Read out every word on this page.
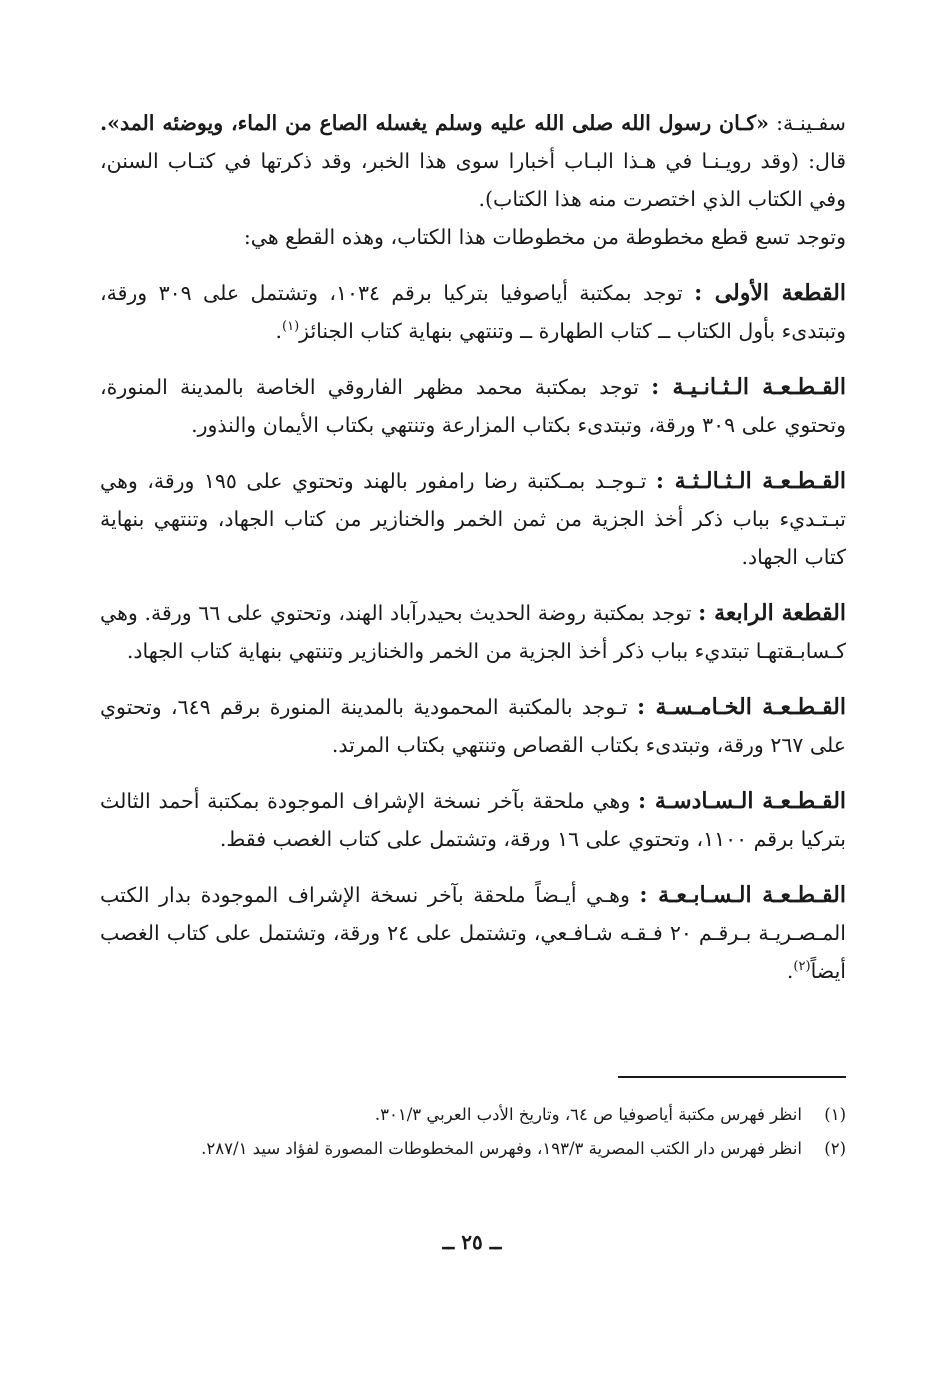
سفـينـة: «كـان رسول الله صلى الله عليه وسلم يغسله الصاع من الماء، ويوضئه المد». قال: (وقد رويـنـا في هـذا البـاب أخبارا سوى هذا الخبر، وقد ذكرتها في كتـاب السنن، وفي الكتاب الذي اختصرت منه هذا الكتاب).

وتوجد تسع قطع مخطوطة من مخطوطات هذا الكتاب، وهذه القطع هي:

القطعة الأولى : توجد بمكتبة أياصوفيا بتركيا برقم ١٠٣٤، وتشتمل على ٣٠٩ ورقة، وتبتدىء بأول الكتاب ــ كتاب الطهارة ــ وتنتهي بنهاية كتاب الجنائز$^{(١)}$.

القـطـعـة الـثـانـيـة : توجد بمكتبة محمد مظهر الفاروقي الخاصة بالمدينة المنورة، وتحتوي على ٣٠٩ ورقة، وتبتدىء بكتاب المزارعة وتنتهي بكتاب الأيمان والنذور.

القـطـعـة الـثـالـثـة : تـوجـد بمـكتبة رضا رامفور بالهند وتحتوي على ١٩٥ ورقة، وهي تبـتـديء بباب ذكر أخذ الجزية من ثمن الخمر والخنازير من كتاب الجهاد، وتنتهي بنهاية كتاب الجهاد.

القطعة الرابعة : توجد بمكتبة روضة الحديث بحيدرآباد الهند، وتحتوي على ٦٦ ورقة. وهي كـسابـقتهـا تبتديء بباب ذكر أخذ الجزية من الخمر والخنازير وتنتهي بنهاية كتاب الجهاد.

القـطـعـة الخـامـسـة : تـوجد بالمكتبة المحمودية بالمدينة المنورة برقم ٦٤٩، وتحتوي على ٢٦٧ ورقة، وتبتدىء بكتاب القصاص وتنتهي بكتاب المرتد.

القـطـعـة الـسـادسـة : وهي ملحقة بآخر نسخة الإشراف الموجودة بمكتبة أحمد الثالث بتركيا برقم ١١٠٠، وتحتوي على ١٦ ورقة، وتشتمل على كتاب الغصب فقط.

القـطـعـة الـسـابـعـة : وهـي أيـضاً ملحقة بآخر نسخة الإشراف الموجودة بدار الكتب المـصـريـة بـرقـم ٢٠ فـقـه شـافـعي، وتشتمل على ٢٤ ورقة، وتشتمل على كتاب الغصب أيضاً$^{(٢)}$.

(١)
انظر فهرس مكتبة أياصوفيا ص ٦٤، وتاريخ الأدب العربي ٣٠١/٣.

(٢)
انظر فهرس دار الكتب المصرية ١٩٣/٣، وفهرس المخطوطات المصورة لفؤاد سيد ٢٨٧/١.

ــ ٢٥ ــ
